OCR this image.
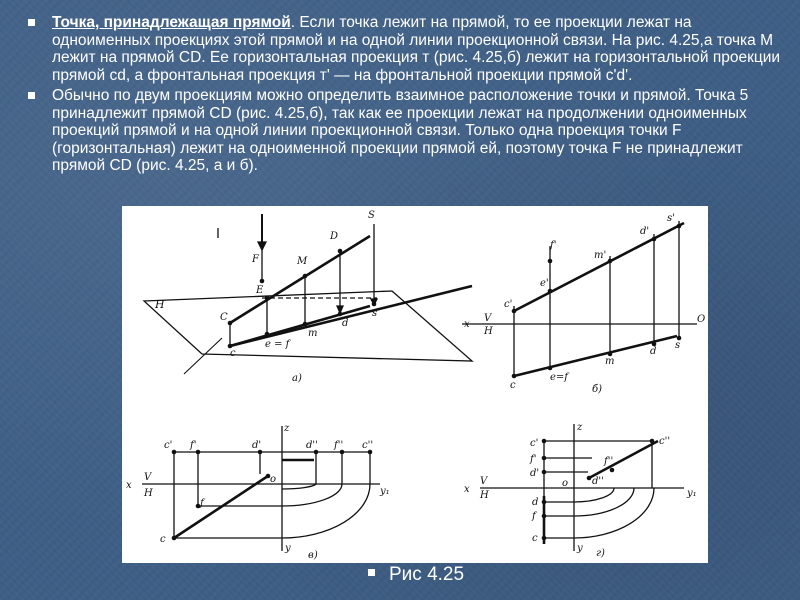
Точка, принадлежащая прямой. Если точка лежит на прямой, то ее проекции лежат на одноименных проекциях этой прямой и на одной линии проекционной связи. На рис. 4.25,а точка М лежит на прямой CD. Ее горизонтальная проекция т (рис. 4.25,б) лежит на горизонтальной проекции прямой cd, а фронтальная проекция т' — на фронтальной проекции прямой c'd'.
Обычно по двум проекциям можно определить взаимное расположение точки и прямой. Точка 5 принадлежит прямой CD (рис. 4.25,б), так как ее проекции лежат на продолжении одноименных проекций прямой и на одной линии проекционной связи. Только одна проекция точки F (горизонтальная) лежит на одноименной проекции прямой ей, поэтому точка F не принадлежит прямой CD (рис. 4.25, а и б).
S
D
M
F
E
C
c
e = f
m
d
s
H
а)
s'
d'
m'
f'
e'
c'
x
V
H
O
c
e=f
m
d
s
б)
z
c' f'	d'	d'' f'' c''
x
V
H
o
y₁
f
c
y
в)
z
c'
f'
d'
f''
c''
d''
x
V
H
o
y₁
d
f
c
y г)
Рис 4.25
